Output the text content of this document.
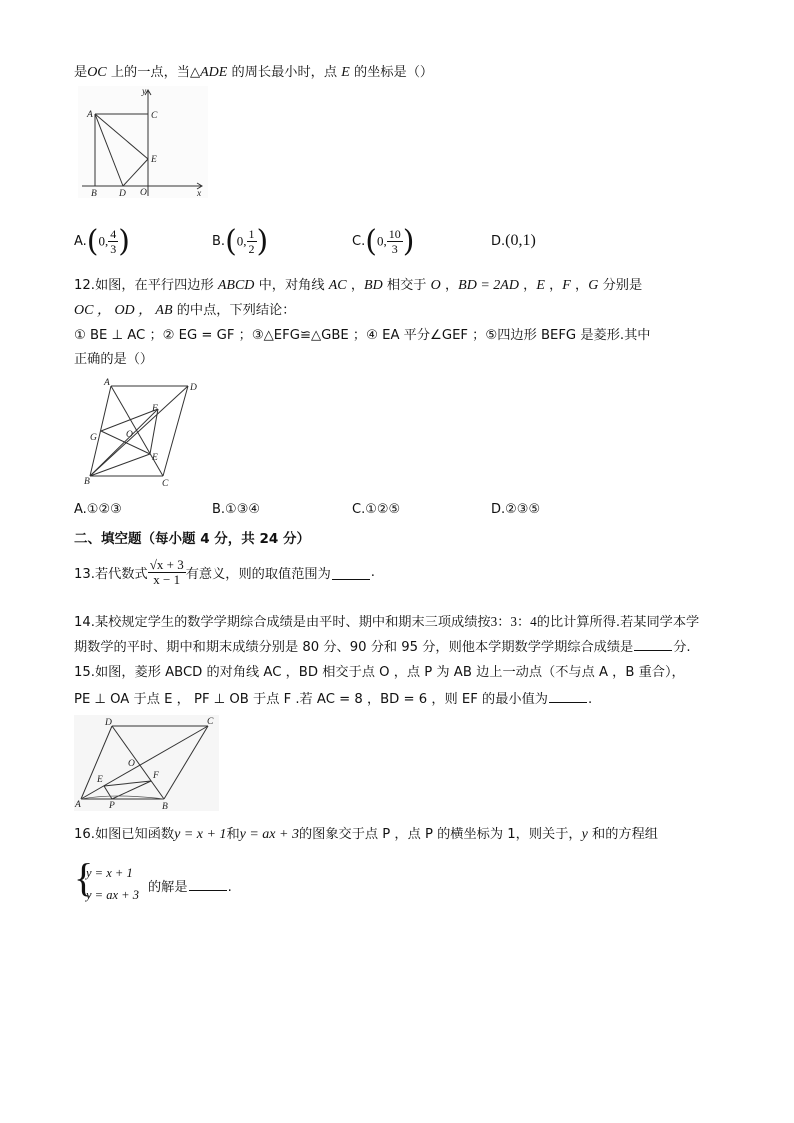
是OC 上的一点，当△ADE 的周长最小时，点 E 的坐标是（）
y
x
A	C
E
B D O
A.(0, $\frac{4}{3}$ )	B.(0, $\frac{1}{2}$ )	C.(0, $\frac{10}{3}$ )	D.(0,1)
12.如图，在平行四边形 ABCD 中，对角线 AC ，BD 相交于 O ，BD = 2AD ，E ，F ，G 分别是
OC ， OD ， AB 的中点，下列结论：
① BE ⊥ AC ；② EG = GF ；③△EFG≌△GBE ；④ EA 平分∠GEF ；⑤四边形 BEFG 是菱形.其中
正确的是（）
A	D
F
G	O
E
B	C
A.①②③	B.①③④	C.①②⑤	D.②③⑤
二、填空题（每小题 4 分，共 24 分）
13.若代数式 $\frac{√x + 3}{x - 1}$ 有意义，则的取值范围为	.
14.某校规定学生的数学学期综合成绩是由平时、期中和期末三项成绩按3：3：4的比计算所得.若某同学本学
期数学的平时、期中和期末成绩分别是 80 分、90 分和 95 分，则他本学期数学学期综合成绩是	分.
15.如图，菱形 ABCD 的对角线 AC ，BD 相交于点 O ，点 P 为 AB 边上一动点（不与点 A ，B 重合），
PE ⊥ OA 于点 E ， PF ⊥ OB 于点 F .若 AC = 8 ，BD = 6 ，则 EF 的最小值为	.
D	C
O
E	F
A	P	B
16.如图已知函数y = x + 1和y = ax + 3的图象交于点 P ，点 P 的横坐标为 1，则关于，y 和的方程组
{
y = x + 1
y = ax + 3 的解是	.
